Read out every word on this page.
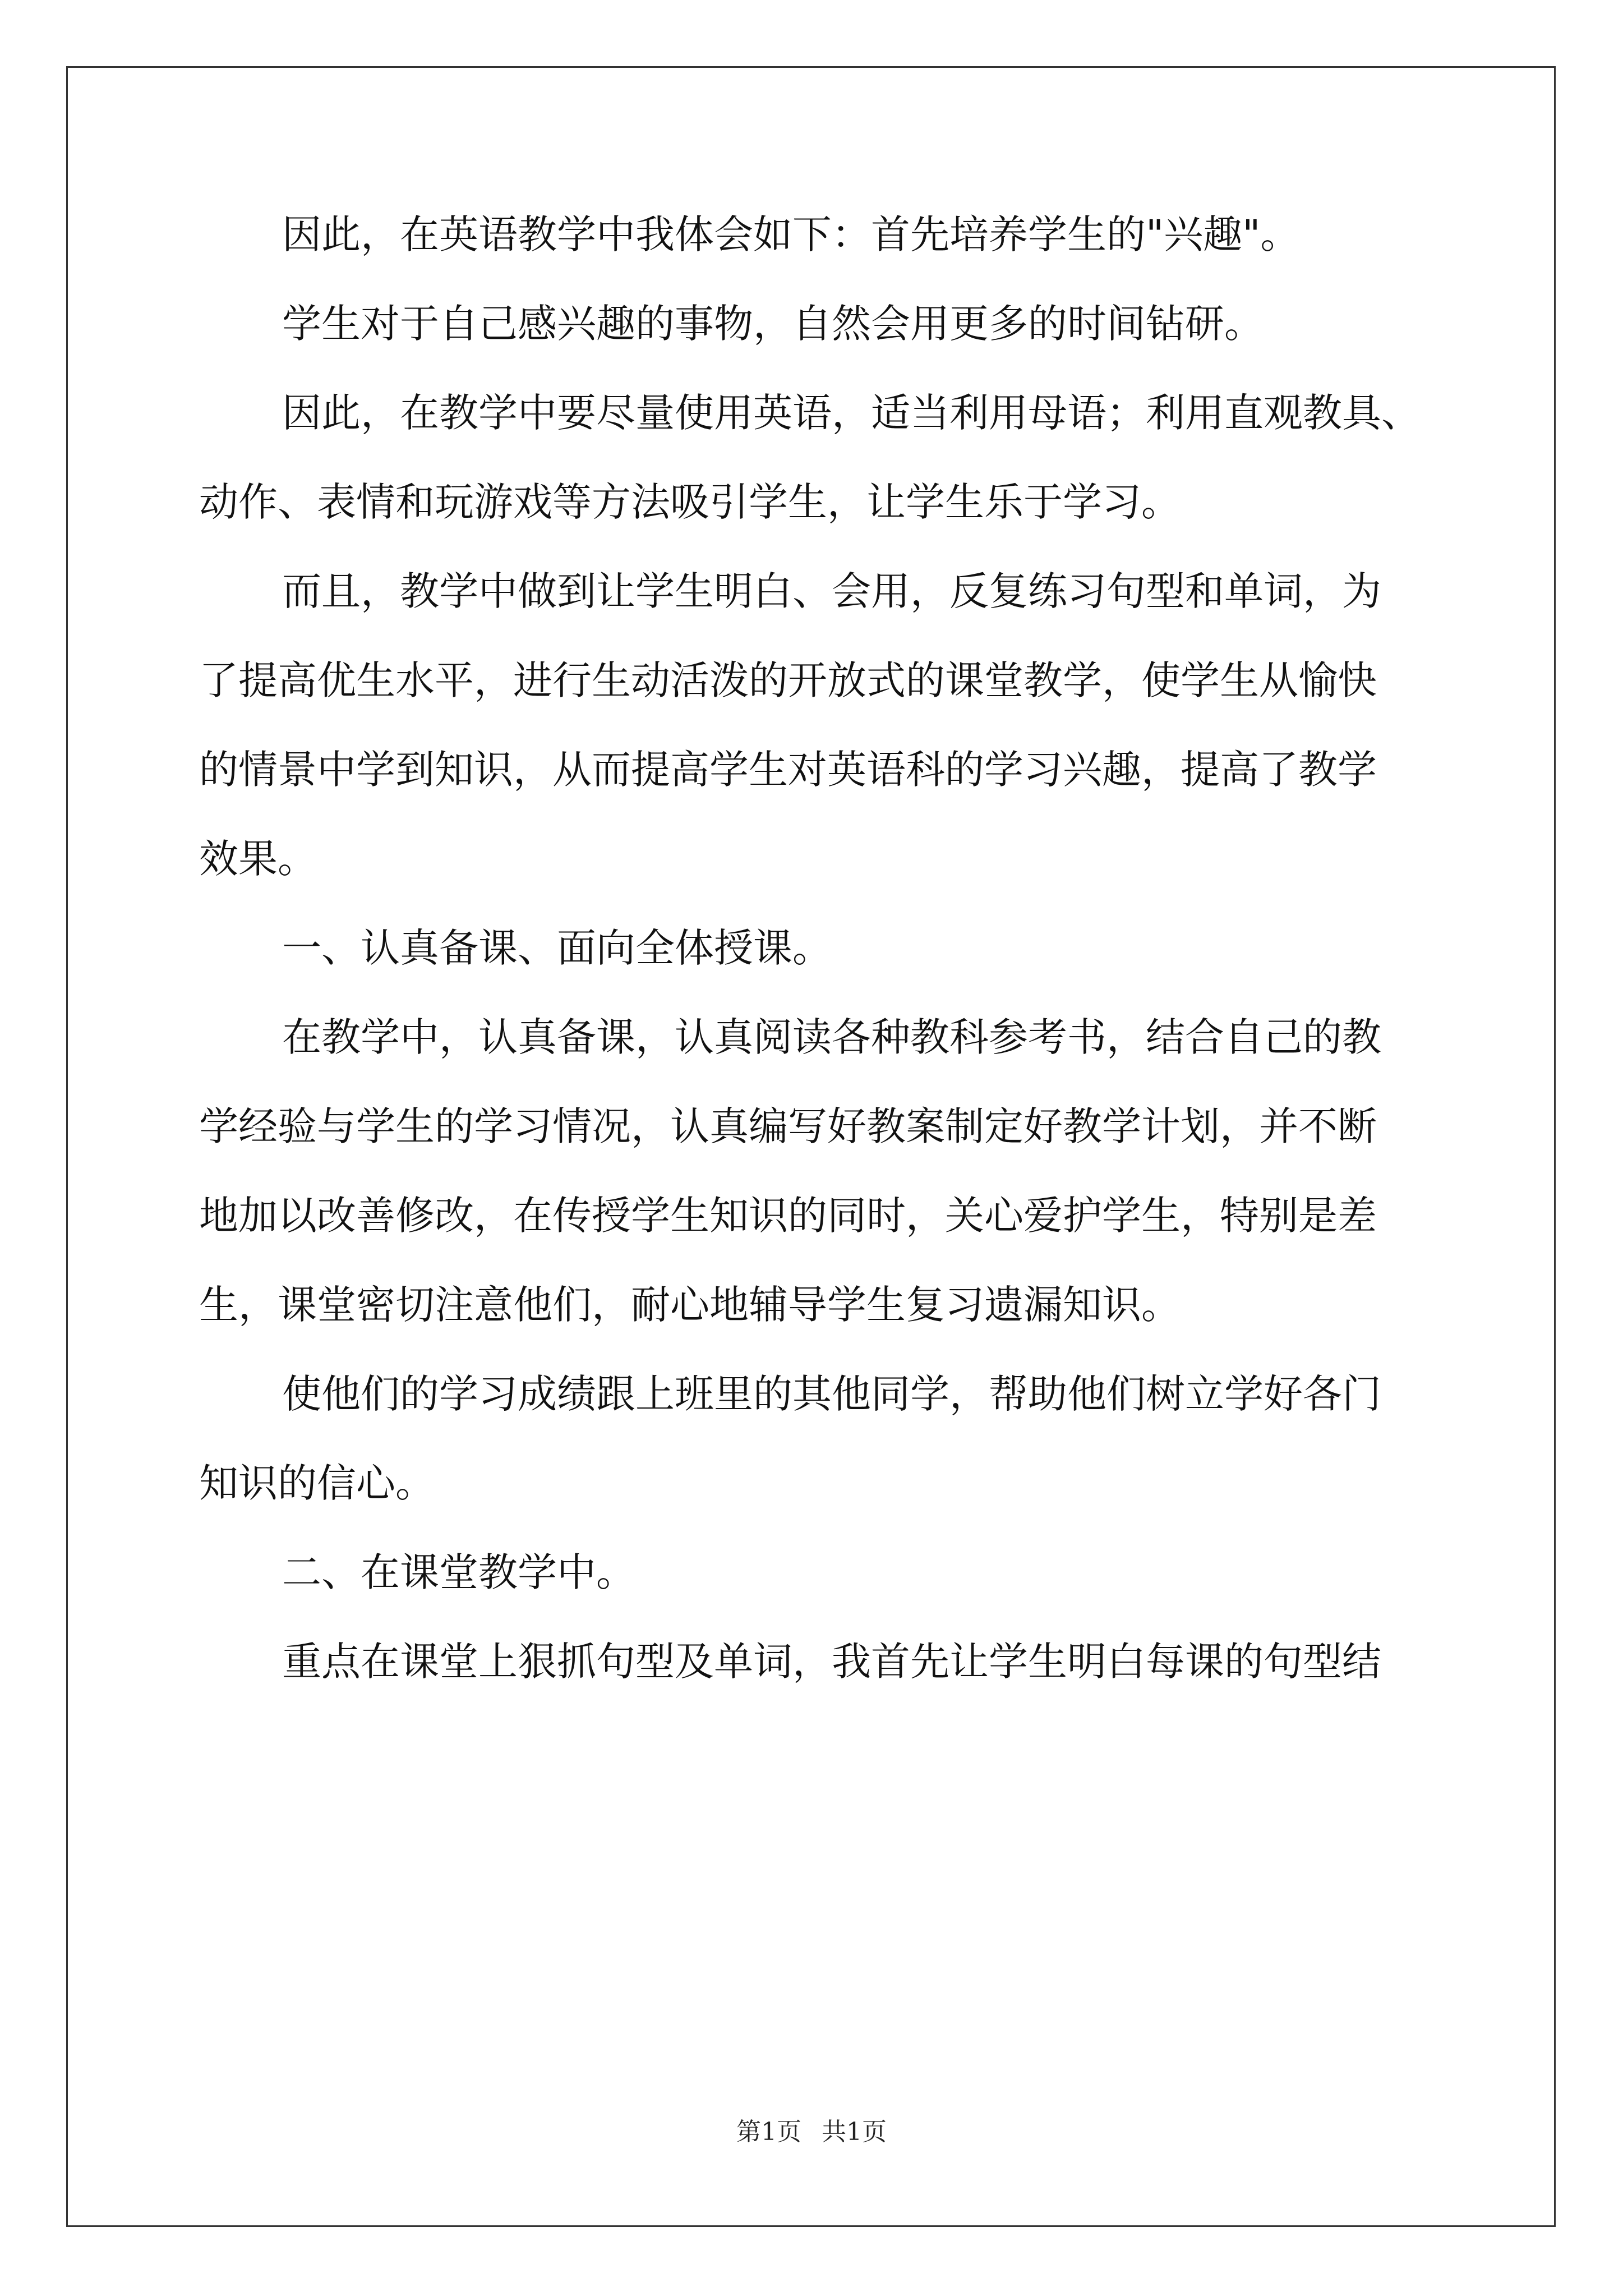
因此，在英语教学中我体会如下：首先培养学生的"兴趣"。
学生对于自己感兴趣的事物，自然会用更多的时间钻研。
因此，在教学中要尽量使用英语，适当利用母语；利用直观教具、
动作、表情和玩游戏等方法吸引学生，让学生乐于学习。
而且，教学中做到让学生明白、会用，反复练习句型和单词，为
了提高优生水平，进行生动活泼的开放式的课堂教学，使学生从愉快
的情景中学到知识，从而提高学生对英语科的学习兴趣，提高了教学
效果。
一、认真备课、面向全体授课。
在教学中，认真备课，认真阅读各种教科参考书，结合自己的教
学经验与学生的学习情况，认真编写好教案制定好教学计划，并不断
地加以改善修改，在传授学生知识的同时，关心爱护学生，特别是差
生，课堂密切注意他们，耐心地辅导学生复习遗漏知识。
使他们的学习成绩跟上班里的其他同学，帮助他们树立学好各门
知识的信心。
二、在课堂教学中。
重点在课堂上狠抓句型及单词，我首先让学生明白每课的句型结
第1页 共1页
